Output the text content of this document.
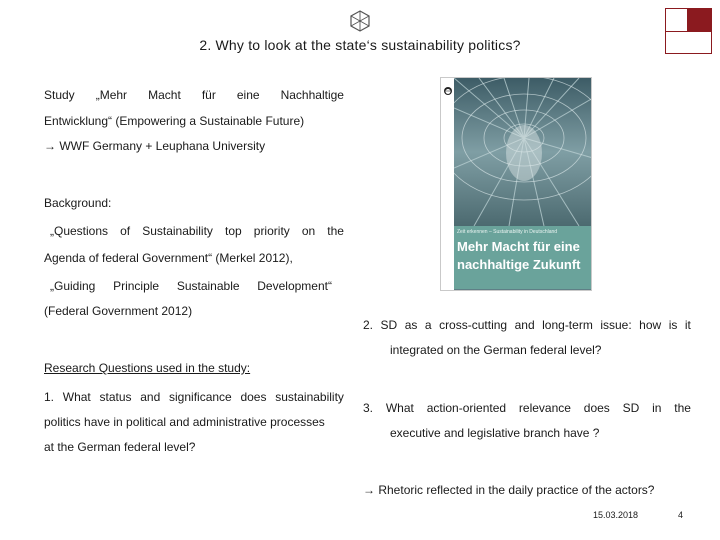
2. Why to look at the state‘s sustainability politics?
Study „Mehr Macht für eine Nachhaltige
Entwicklung“ (Empowering a Sustainable Future)
→ WWF Germany + Leuphana University
Background:
„Questions of Sustainability top priority on the
Agenda of federal Government“ (Merkel 2012),
„Guiding Principle Sustainable Development“
(Federal Government 2012)
Research Questions used in the study:
1. What status and significance does sustainability
politics have in political and administrative processes
at the German federal level?
Zeit erkennen – Sustainability in Deutschland
Mehr Macht für eine
nachhaltige Zukunft
2. SD as a cross-cutting and long-term issue: how is it
integrated on the German federal level?
3. What action-oriented relevance does SD in the
executive and legislative branch have ?
→ Rhetoric reflected in the daily practice of the actors?
15.03.2018	4
